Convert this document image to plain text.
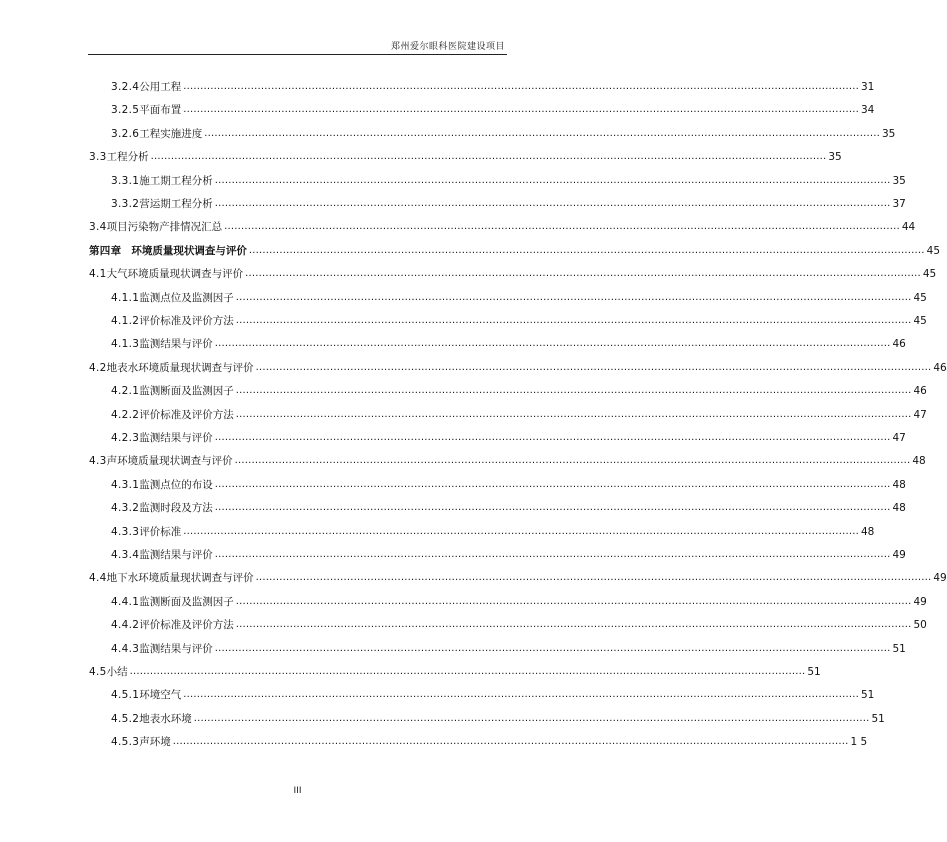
郑州爱尔眼科医院建设项目
3.2.4 公用工程 ........................................................................................................................................................................................................ 31
3.2.5 平面布置 ........................................................................................................................................................................................................ 34
3.2.6 工程实施进度 ........................................................................................................................................................................................................ 35
3.3 工程分析 ........................................................................................................................................................................................................ 35
3.3.1 施工期工程分析 ........................................................................................................................................................................................................ 35
3.3.2 营运期工程分析 ........................................................................................................................................................................................................ 37
3.4 项目污染物产排情况汇总 ........................................................................................................................................................................................................ 44
第四章 环境质量现状调查与评价 ........................................................................................................................................................................................................ 45
4.1 大气环境质量现状调查与评价 ........................................................................................................................................................................................................ 45
4.1.1 监测点位及监测因子 ........................................................................................................................................................................................................ 45
4.1.2 评价标准及评价方法 ........................................................................................................................................................................................................ 45
4.1.3 监测结果与评价 ........................................................................................................................................................................................................ 46
4.2 地表水环境质量现状调查与评价 ........................................................................................................................................................................................................ 46
4.2.1 监测断面及监测因子 ........................................................................................................................................................................................................ 46
4.2.2 评价标准及评价方法 ........................................................................................................................................................................................................ 47
4.2.3 监测结果与评价 ........................................................................................................................................................................................................ 47
4.3 声环境质量现状调查与评价 ........................................................................................................................................................................................................ 48
4.3.1 监测点位的布设 ........................................................................................................................................................................................................ 48
4.3.2 监测时段及方法 ........................................................................................................................................................................................................ 48
4.3.3 评价标准 ........................................................................................................................................................................................................ 48
4.3.4 监测结果与评价 ........................................................................................................................................................................................................ 49
4.4 地下水环境质量现状调查与评价 ........................................................................................................................................................................................................ 49
4.4.1 监测断面及监测因子 ........................................................................................................................................................................................................ 49
4.4.2 评价标准及评价方法 ........................................................................................................................................................................................................ 50
4.4.3 监测结果与评价 ........................................................................................................................................................................................................ 51
4.5 小结 ........................................................................................................................................................................................................ 51
4.5.1 环境空气 ........................................................................................................................................................................................................ 51
4.5.2 地表水环境 ........................................................................................................................................................................................................ 51
4.5.3 声环境 ........................................................................................................................................................................................................ 1 5
III
